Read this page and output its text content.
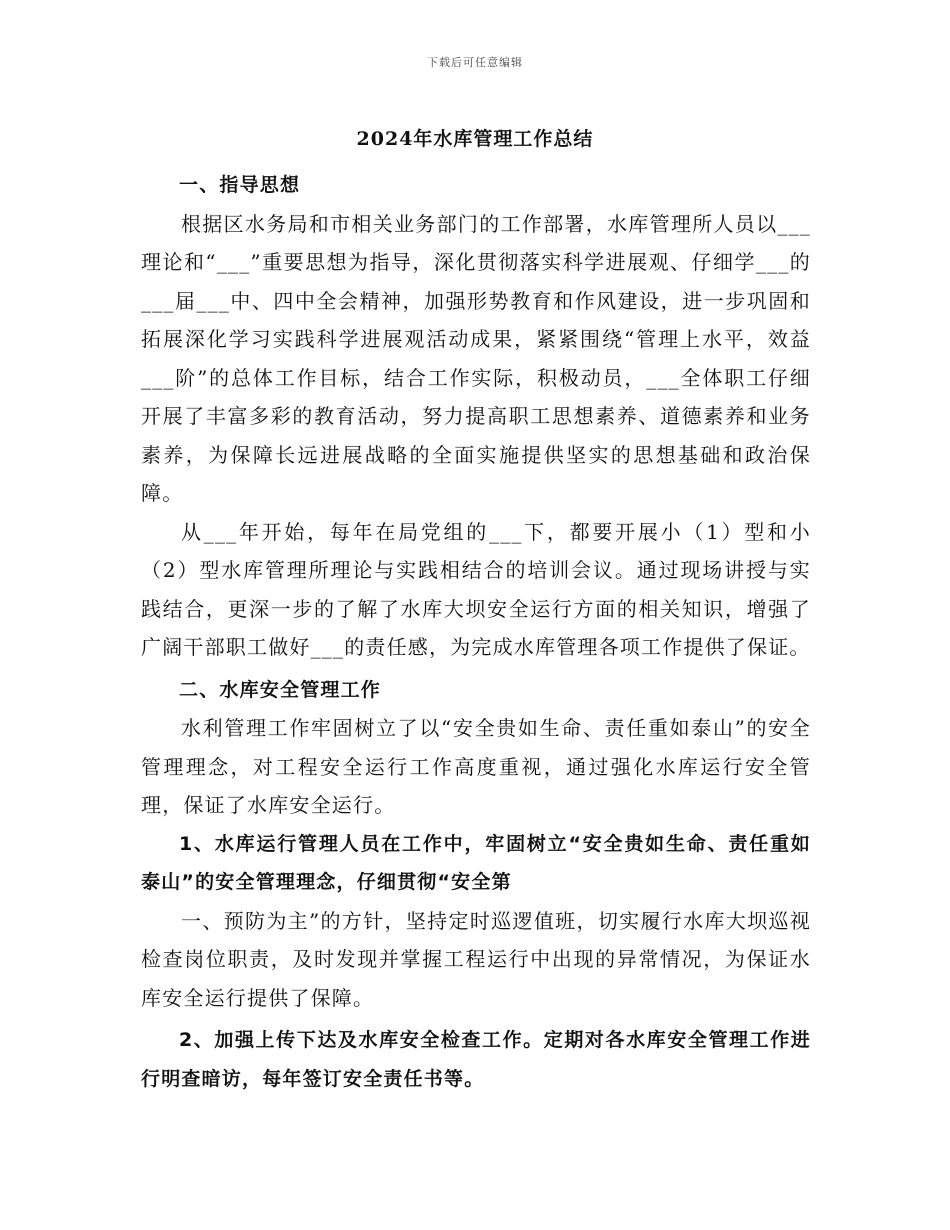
下载后可任意编辑
2024年水库管理工作总结

一、指导思想

根据区水务局和市相关业务部门的工作部署，水库管理所人员以___理论和“___”重要思想为指导，深化贯彻落实科学进展观、仔细学___的___届___中、四中全会精神，加强形势教育和作风建设，进一步巩固和拓展深化学习实践科学进展观活动成果，紧紧围绕“管理上水平，效益___阶”的总体工作目标，结合工作实际，积极动员，___全体职工仔细开展了丰富多彩的教育活动，努力提高职工思想素养、道德素养和业务素养，为保障长远进展战略的全面实施提供坚实的思想基础和政治保障。

从___年开始，每年在局党组的___下，都要开展小（1）型和小（2）型水库管理所理论与实践相结合的培训会议。通过现场讲授与实践结合，更深一步的了解了水库大坝安全运行方面的相关知识，增强了广阔干部职工做好___的责任感，为完成水库管理各项工作提供了保证。

二、水库安全管理工作

水利管理工作牢固树立了以“安全贵如生命、责任重如泰山”的安全管理理念，对工程安全运行工作高度重视，通过强化水库运行安全管理，保证了水库安全运行。

1、水库运行管理人员在工作中，牢固树立“安全贵如生命、责任重如泰山”的安全管理理念，仔细贯彻“安全第

一、预防为主”的方针，坚持定时巡逻值班，切实履行水库大坝巡视检查岗位职责，及时发现并掌握工程运行中出现的异常情况，为保证水库安全运行提供了保障。

2、加强上传下达及水库安全检查工作。定期对各水库安全管理工作进行明查暗访，每年签订安全责任书等。
